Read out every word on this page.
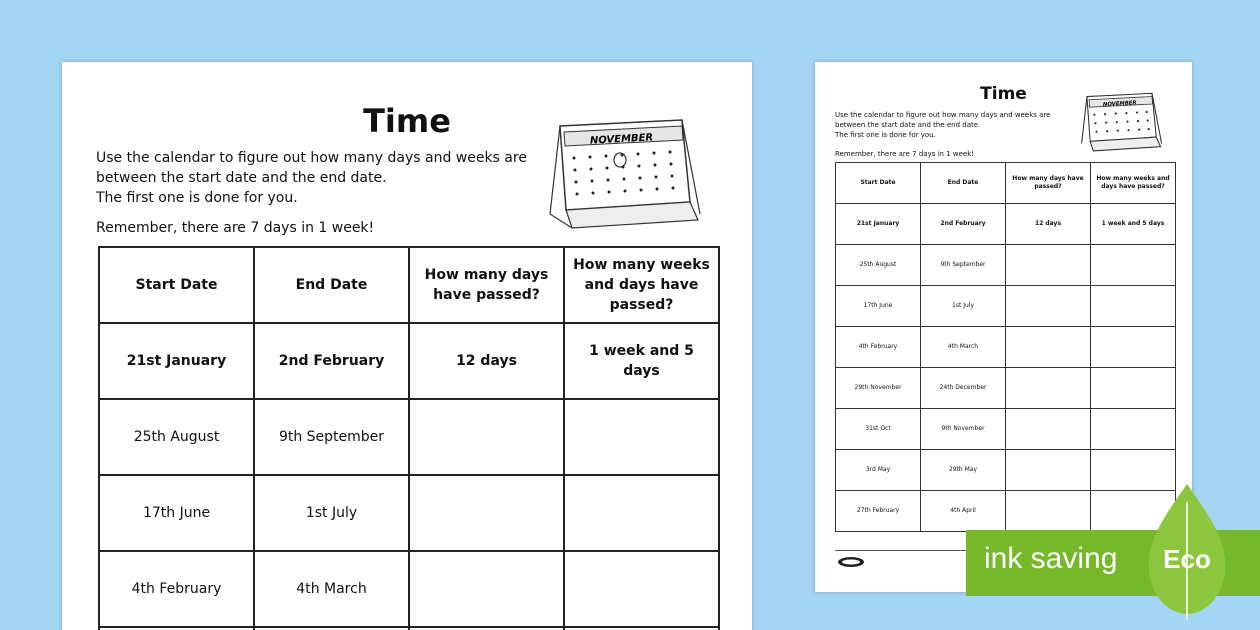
Time
Use the calendar to figure out how many days and weeks are
between the start date and the end date.
The first one is done for you.
Remember, there are 7 days in 1 week!
NOVEMBER
Start Date	End Date	How many days have passed?	How many weeks and days have passed?
21st January	2nd February	12 days	1 week and 5 days
25th August	9th September		
17th June	1st July		
4th February	4th March		

Time
Use the calendar to figure out how many days and weeks are
between the start date and the end date.
The first one is done for you.
Remember, there are 7 days in 1 week!
NOVEMBER
Start Date	End Date	How many days have passed?	How many weeks and days have passed?
21st January	2nd February	12 days	1 week and 5 days
25th August	9th September		
17th June	1st July		
4th February	4th March		
29th November	24th December		
31st Oct	9th November		
3rd May	29th May		
27th February	4th April		
ink saving Eco
